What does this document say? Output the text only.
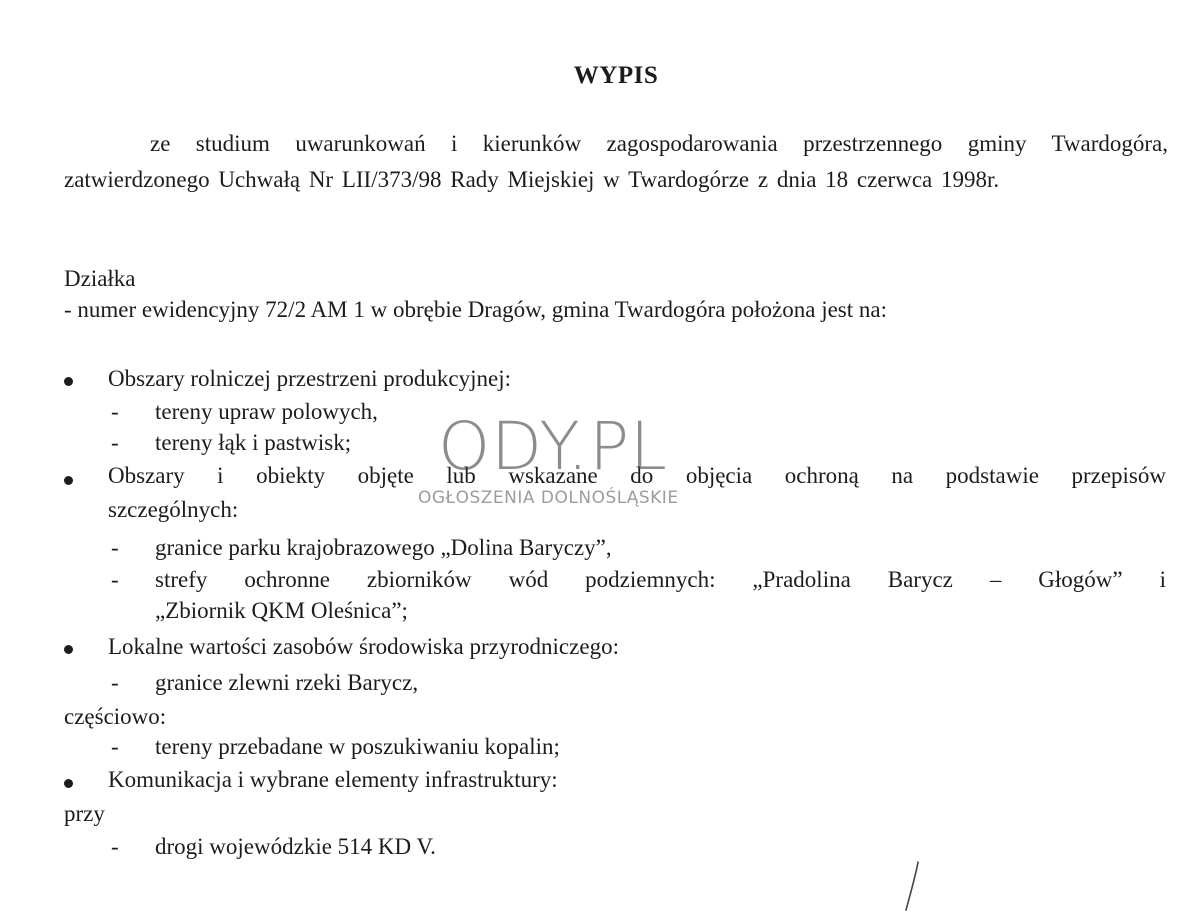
WYPIS
ze studium uwarunkowań i kierunków zagospodarowania przestrzennego gminy Twardogóra, zatwierdzonego Uchwałą Nr LII/373/98 Rady Miejskiej w Twardogórze z dnia 18 czerwca 1998r.
Działka
- numer ewidencyjny 72/2 AM 1 w obrębie Dragów, gmina Twardogóra położona jest na:
Obszary rolniczej przestrzeni produkcyjnej:
- tereny upraw polowych,
- tereny łąk i pastwisk;
Obszary i obiekty objęte lub wskazane do objęcia ochroną na podstawie przepisów
szczególnych:
- granice parku krajobrazowego „Dolina Baryczy”,
- strefy ochronne zbiorników wód podziemnych: „Pradolina Barycz – Głogów” i
„Zbiornik QKM Oleśnica”;
Lokalne wartości zasobów środowiska przyrodniczego:
- granice zlewni rzeki Barycz,
częściowo:
- tereny przebadane w poszukiwaniu kopalin;
Komunikacja i wybrane elementy infrastruktury:
przy
- drogi wojewódzkie 514 KD V.
ODY.PL
OGŁOSZENIA DOLNOŚLĄSKIE
